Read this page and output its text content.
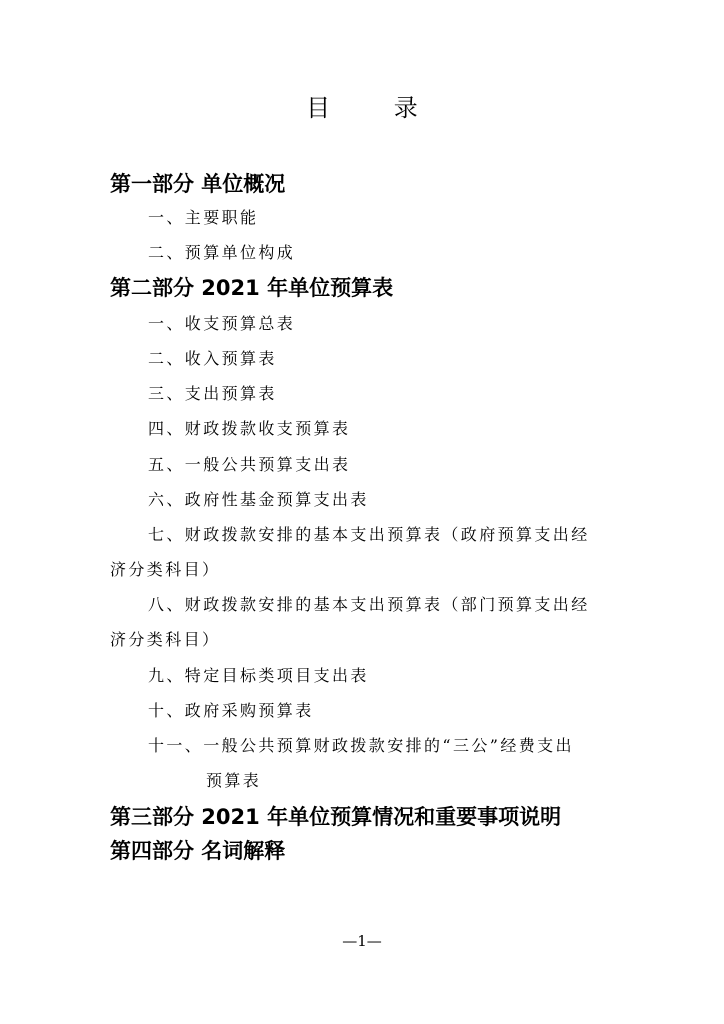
目 录
第一部分 单位概况
一、主要职能
二、预算单位构成
第二部分 2021 年单位预算表
一、收支预算总表
二、收入预算表
三、支出预算表
四、财政拨款收支预算表
五、一般公共预算支出表
六、政府性基金预算支出表
七、财政拨款安排的基本支出预算表（政府预算支出经
济分类科目）
八、财政拨款安排的基本支出预算表（部门预算支出经
济分类科目）
九、特定目标类项目支出表
十、政府采购预算表
十一、一般公共预算财政拨款安排的“三公”经费支出
预算表
第三部分 2021 年单位预算情况和重要事项说明
第四部分 名词解释
—1—
